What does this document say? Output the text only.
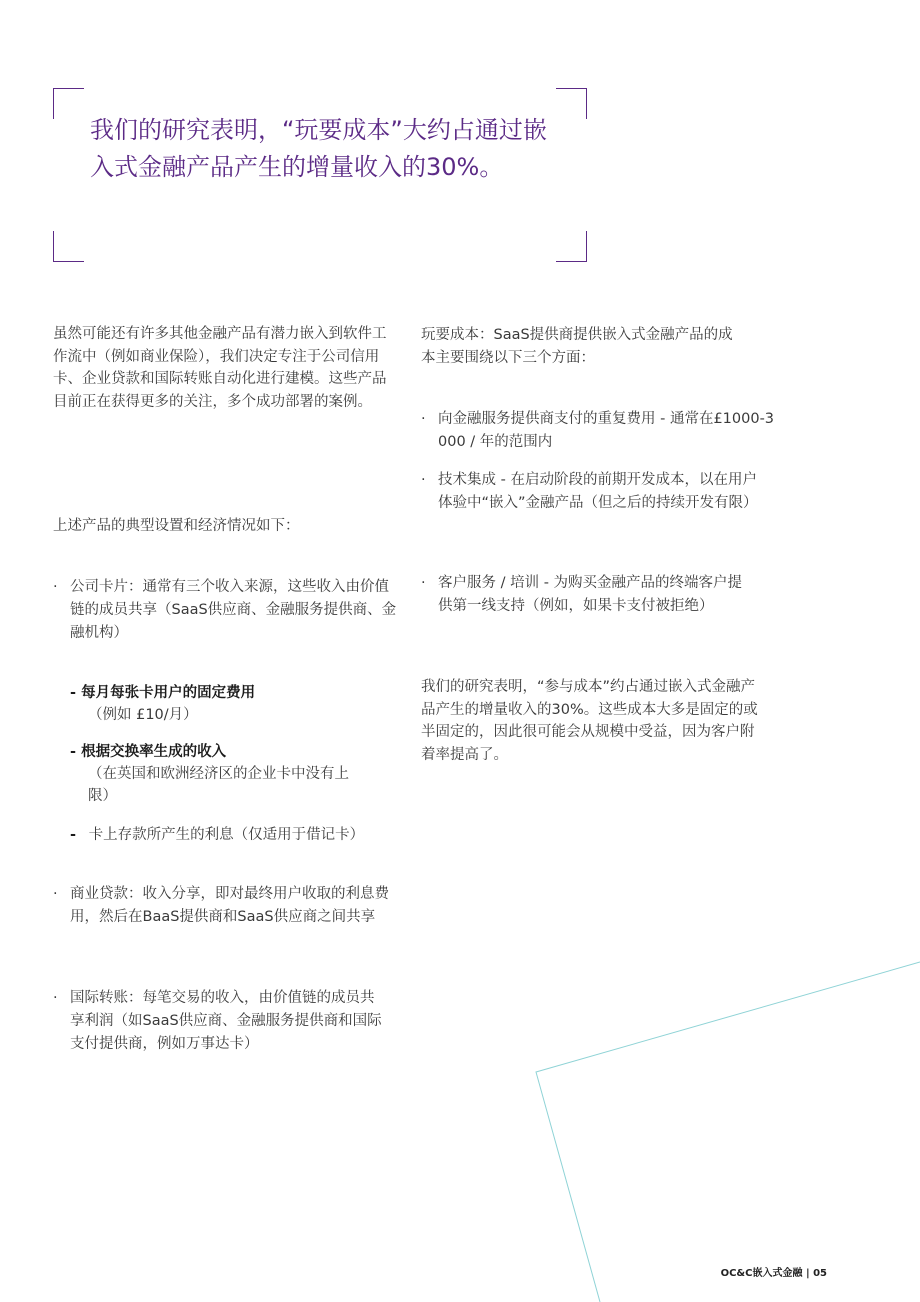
我们的研究表明，“玩要成本”大约占通过嵌入式金融产品产生的增量收入的30%。
虽然可能还有许多其他金融产品有潜力嵌入到软件工作流中（例如商业保险），我们决定专注于公司信用卡、企业贷款和国际转账自动化进行建模。这些产品目前正在获得更多的关注，多个成功部署的案例。
上述产品的典型设置和经济情况如下：
· 公司卡片：通常有三个收入来源，这些收入由价值链的成员共享（SaaS供应商、金融服务提供商、金融机构）
- 每月每张卡用户的固定费用
（例如 £10/月）
- 根据交换率生成的收入
（在英国和欧洲经济区的企业卡中没有上限）
- 卡上存款所产生的利息（仅适用于借记卡）
· 商业贷款：收入分享，即对最终用户收取的利息费用，然后在BaaS提供商和SaaS供应商之间共享
· 国际转账：每笔交易的收入，由价值链的成员共享利润（如SaaS供应商、金融服务提供商和国际支付提供商，例如万事达卡）
玩要成本：SaaS提供商提供嵌入式金融产品的成本主要围绕以下三个方面：
· 向金融服务提供商支付的重复费用 - 通常在£1000-3000 / 年的范围内
· 技术集成 - 在启动阶段的前期开发成本，以在用户体验中“嵌入”金融产品（但之后的持续开发有限）
· 客户服务 / 培训 - 为购买金融产品的终端客户提供第一线支持（例如，如果卡支付被拒绝）
我们的研究表明，“参与成本”约占通过嵌入式金融产品产生的增量收入的30%。这些成本大多是固定的或半固定的，因此很可能会从规模中受益，因为客户附着率提高了。
OC&C嵌入式金融 | 05
